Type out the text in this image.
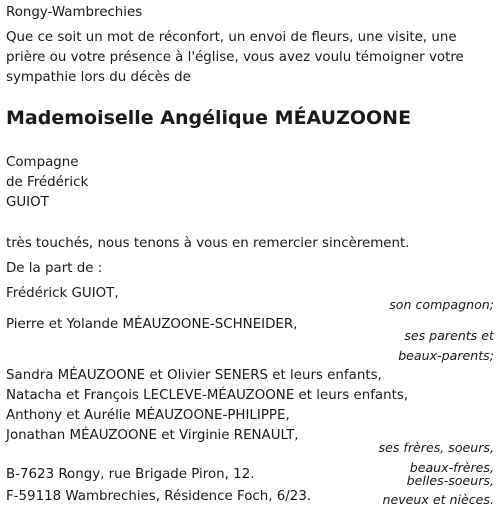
Rongy-Wambrechies
Que ce soit un mot de réconfort, un envoi de fleurs, une visite, une
prière ou votre présence à l'église, vous avez voulu témoigner votre
sympathie lors du décès de
Mademoiselle Angélique MÉAUZOONE
Compagne
de Frédérick
GUIOT
très touchés, nous tenons à vous en remercier sincèrement.
De la part de :
Frédérick GUIOT,
son compagnon;
Pierre et Yolande MÉAUZOONE-SCHNEIDER,
ses parents et
beaux-parents;
Sandra MÉAUZOONE et Olivier SENERS et leurs enfants,
Natacha et François LECLEVE-MÉAUZOONE et leurs enfants,
Anthony et Aurélie MÉAUZOONE-PHILIPPE,
Jonathan MÉAUZOONE et Virginie RENAULT,
ses frères, soeurs,
beaux-frères,
belles-soeurs,
neveux et nièces.
B-7623 Rongy, rue Brigade Piron, 12.
F-59118 Wambrechies, Résidence Foch, 6/23.
